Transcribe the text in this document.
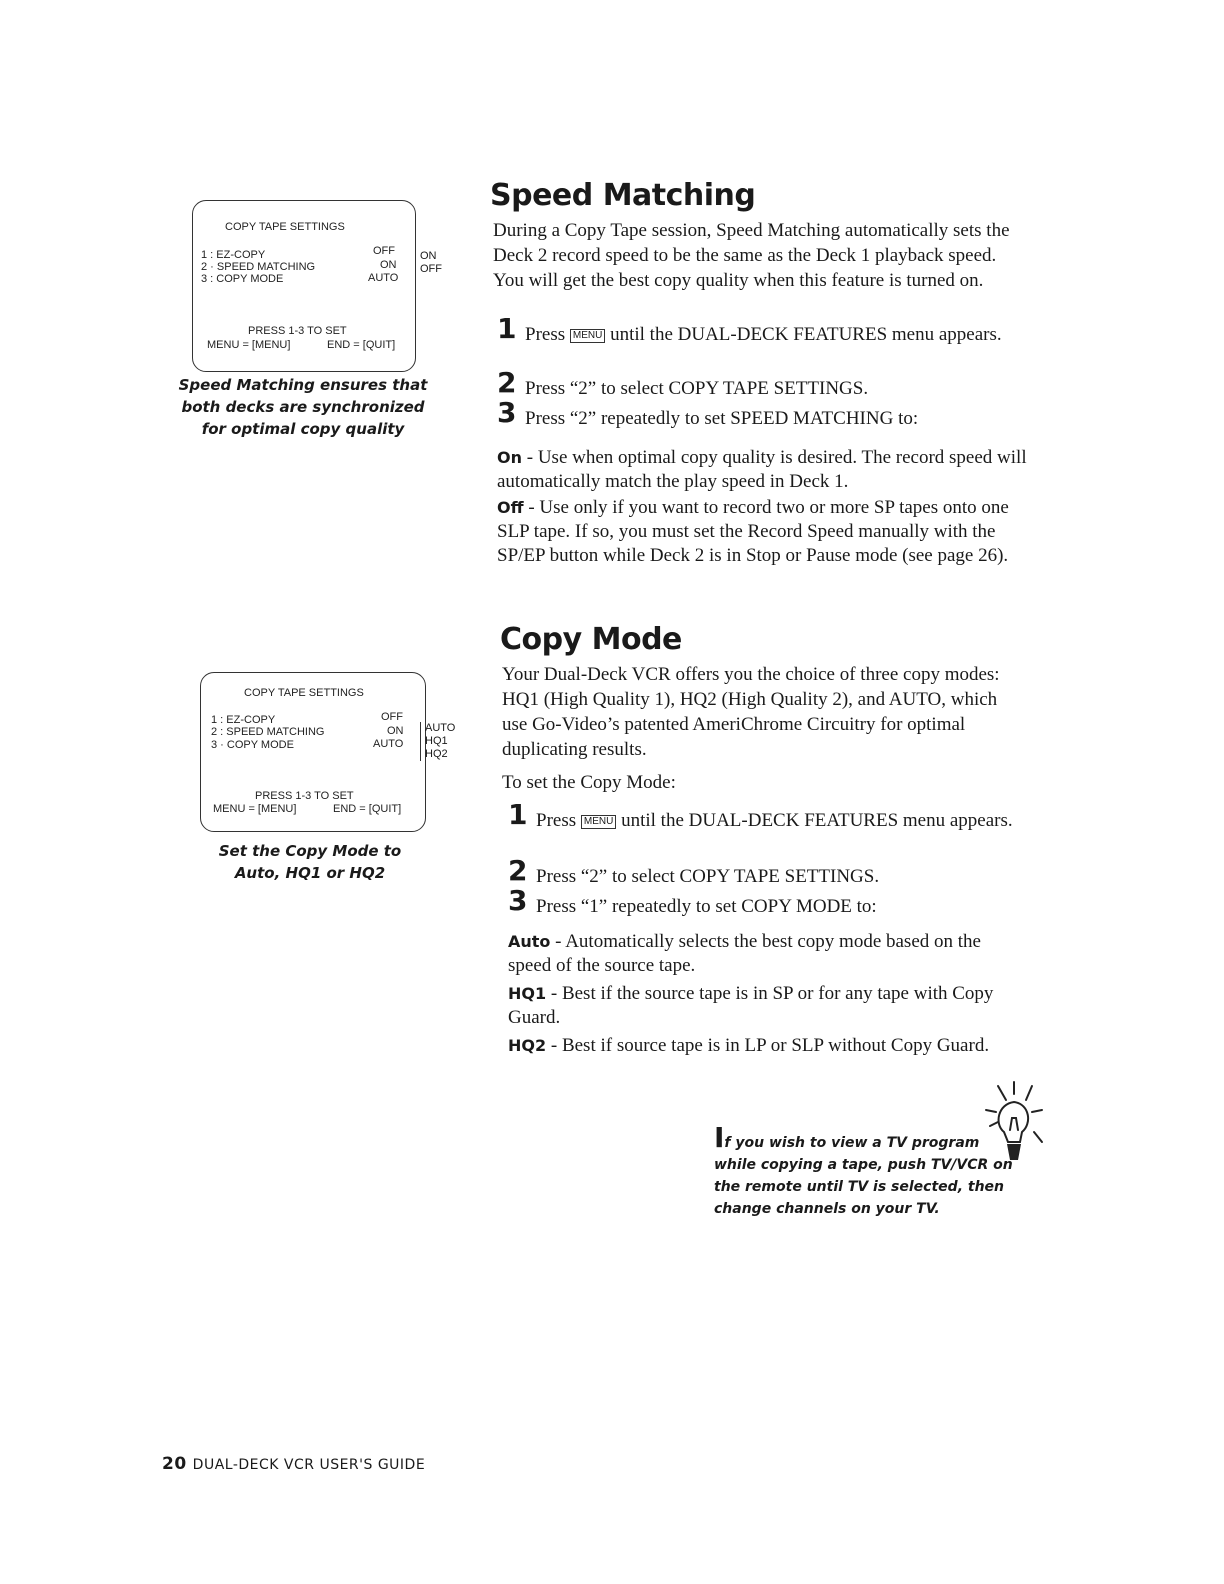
COPY TAPE SETTINGS
1 : EZ-COPY	OFF
2 · SPEED MATCHING	ON
3 : COPY MODE	AUTO
PRESS 1-3 TO SET
MENU = [MENU]	END = [QUIT]
ON
OFF
Speed Matching ensures that
both decks are synchronized
for optimal copy quality
COPY TAPE SETTINGS
1 : EZ-COPY	OFF
2 : SPEED MATCHING	ON
3 · COPY MODE	AUTO
PRESS 1-3 TO SET
MENU = [MENU]	END = [QUIT]
AUTO
HQ1
HQ2
Set the Copy Mode to
Auto, HQ1 or HQ2
Speed Matching

During a Copy Tape session, Speed Matching automatically sets the Deck 2 record speed to be the same as the Deck 1 playback speed. You will get the best copy quality when this feature is turned on.

1 Press MENU until the DUAL-DECK FEATURES menu appears.
2 Press “2” to select COPY TAPE SETTINGS.
3 Press “2” repeatedly to set SPEED MATCHING to:
On - Use when optimal copy quality is desired. The record speed will automatically match the play speed in Deck 1.
Off - Use only if you want to record two or more SP tapes onto one SLP tape. If so, you must set the Record Speed manually with the SP/EP button while Deck 2 is in Stop or Pause mode (see page 26).
Copy Mode

Your Dual-Deck VCR offers you the choice of three copy modes: HQ1 (High Quality 1), HQ2 (High Quality 2), and AUTO, which use Go-Video’s patented AmeriChrome Circuitry for optimal duplicating results.

To set the Copy Mode:

1 Press MENU until the DUAL-DECK FEATURES menu appears.
2 Press “2” to select COPY TAPE SETTINGS.
3 Press “1” repeatedly to set COPY MODE to:
Auto - Automatically selects the best copy mode based on the speed of the source tape.
HQ1 - Best if the source tape is in SP or for any tape with Copy Guard.
HQ2 - Best if source tape is in LP or SLP without Copy Guard.
If you wish to view a TV program
while copying a tape, push TV/VCR on
the remote until TV is selected, then
change channels on your TV.
20 DUAL-DECK VCR USER'S GUIDE
